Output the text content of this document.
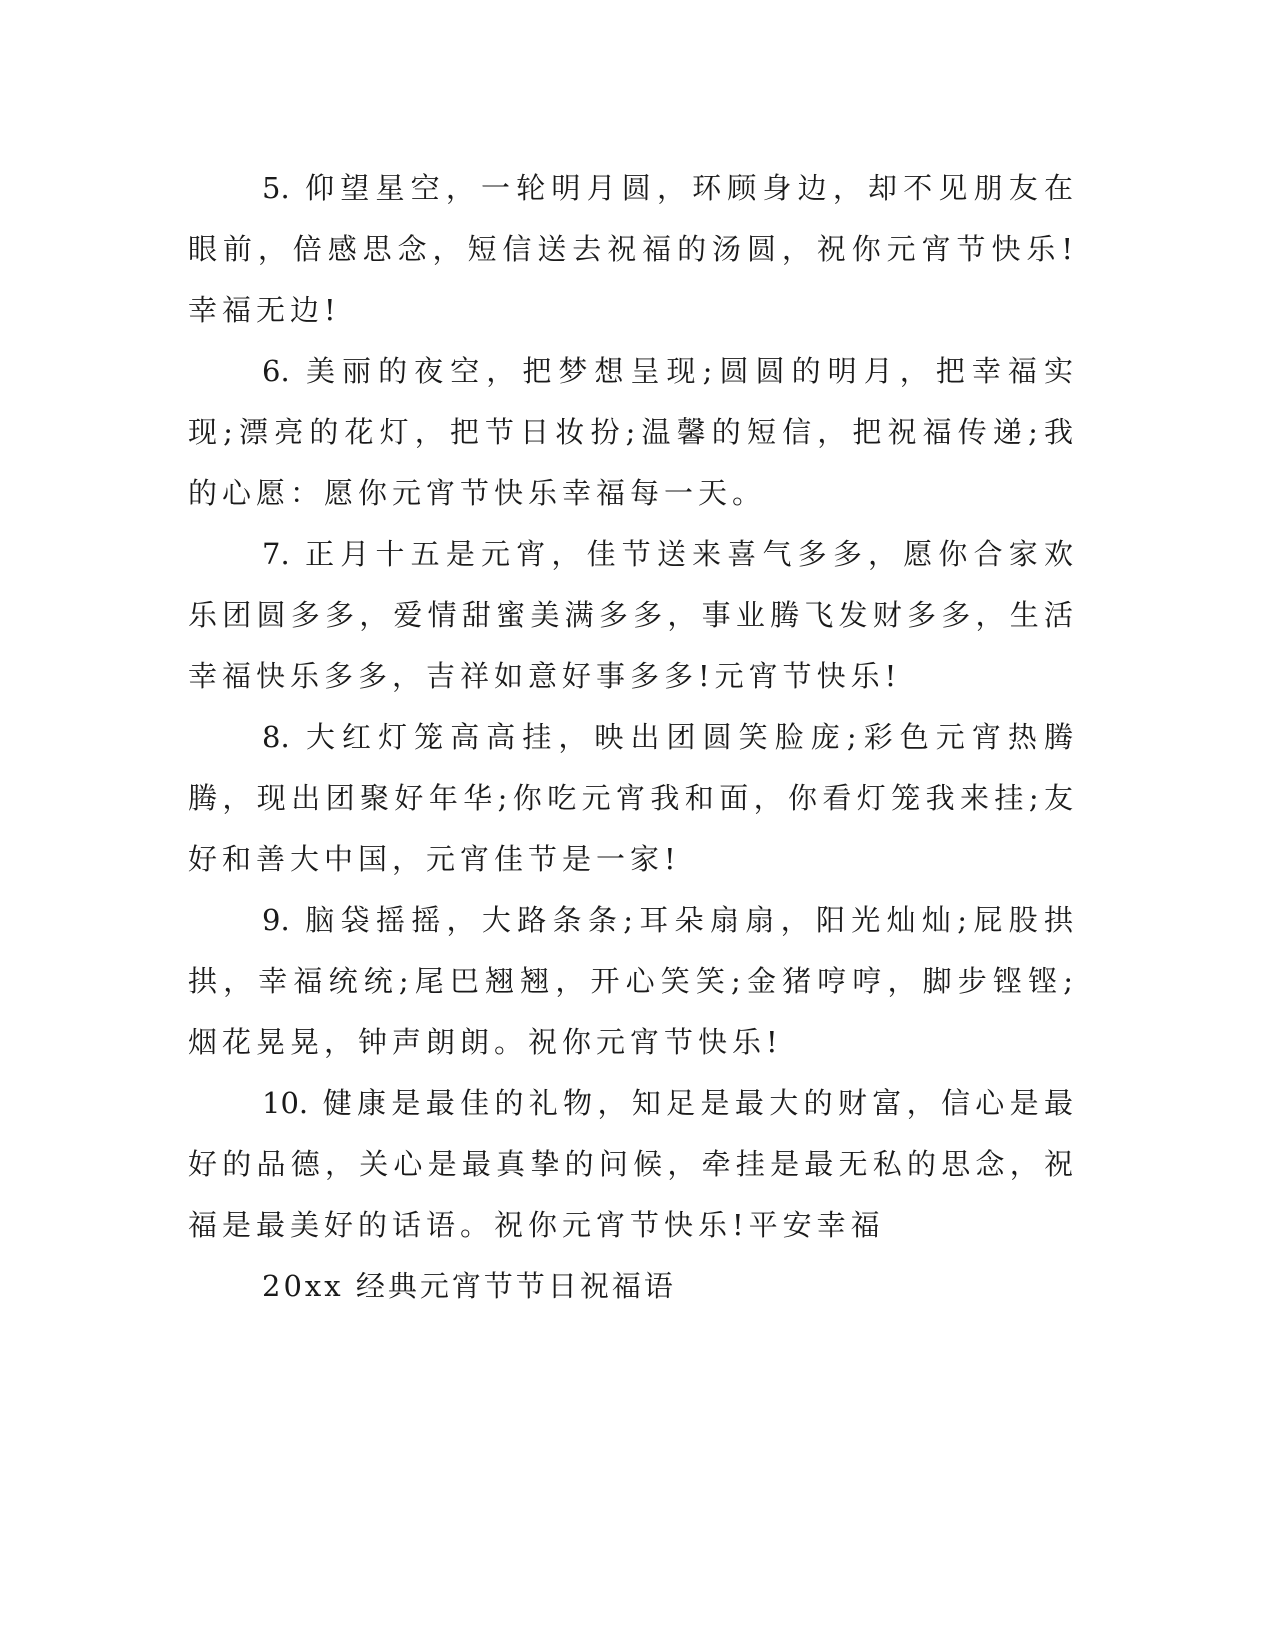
5. 仰望星空，一轮明月圆，环顾身边，却不见朋友在眼前，倍感思念，短信送去祝福的汤圆，祝你元宵节快乐!幸福无边!

6. 美丽的夜空，把梦想呈现;圆圆的明月，把幸福实现;漂亮的花灯，把节日妆扮;温馨的短信，把祝福传递;我的心愿：愿你元宵节快乐幸福每一天。

7. 正月十五是元宵，佳节送来喜气多多，愿你合家欢乐团圆多多，爱情甜蜜美满多多，事业腾飞发财多多，生活幸福快乐多多，吉祥如意好事多多!元宵节快乐!

8. 大红灯笼高高挂，映出团圆笑脸庞;彩色元宵热腾腾，现出团聚好年华;你吃元宵我和面，你看灯笼我来挂;友好和善大中国，元宵佳节是一家!

9. 脑袋摇摇，大路条条;耳朵扇扇，阳光灿灿;屁股拱拱，幸福统统;尾巴翘翘，开心笑笑;金猪哼哼，脚步铿铿;烟花晃晃，钟声朗朗。祝你元宵节快乐!

10. 健康是最佳的礼物，知足是最大的财富，信心是最好的品德，关心是最真挚的问候，牵挂是最无私的思念，祝福是最美好的话语。祝你元宵节快乐!平安幸福

20xx 经典元宵节节日祝福语
